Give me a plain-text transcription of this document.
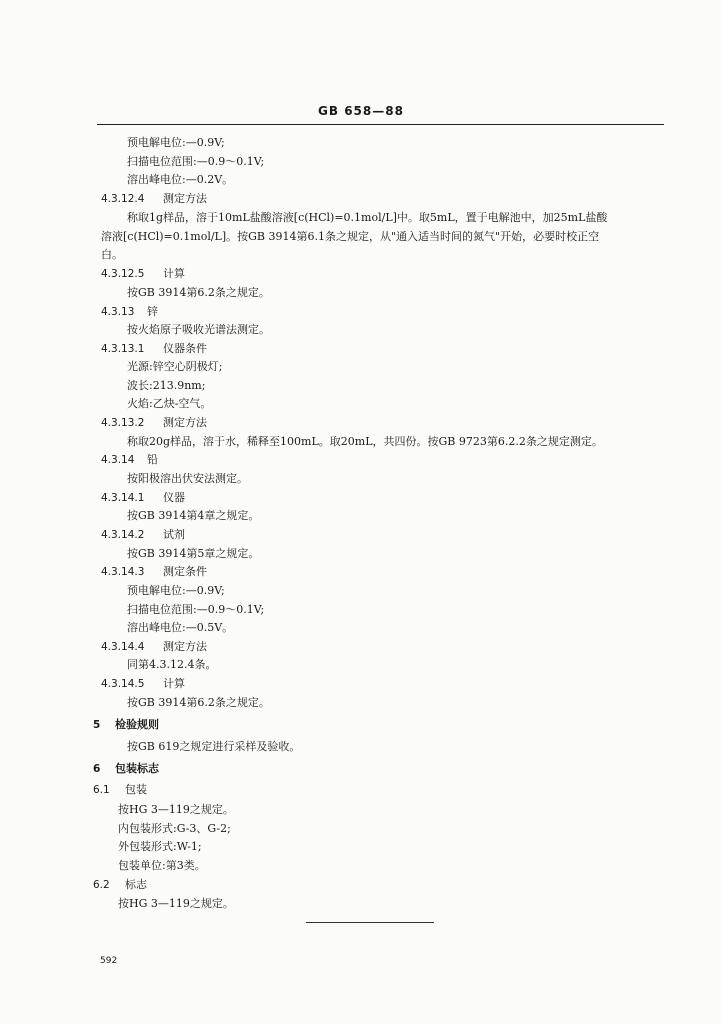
GB 658—88
预电解电位:—0.9V;
扫描电位范围:—0.9～0.1V;
溶出峰电位:—0.2V。
4.3.12.4 测定方法
称取1g样品，溶于10mL盐酸溶液[c(HCl)=0.1mol/L]中。取5mL，置于电解池中，加25mL盐酸
溶液[c(HCl)=0.1mol/L]。按GB 3914第6.1条之规定，从"通入适当时间的氮气"开始，必要时校正空
白。
4.3.12.5 计算
按GB 3914第6.2条之规定。
4.3.13 锌
按火焰原子吸收光谱法测定。
4.3.13.1 仪器条件
光源:锌空心阴极灯;
波长:213.9nm;
火焰:乙炔-空气。
4.3.13.2 测定方法
称取20g样品，溶于水，稀释至100mL。取20mL，共四份。按GB 9723第6.2.2条之规定测定。
4.3.14 铅
按阳极溶出伏安法测定。
4.3.14.1 仪器
按GB 3914第4章之规定。
4.3.14.2 试剂
按GB 3914第5章之规定。
4.3.14.3 测定条件
预电解电位:—0.9V;
扫描电位范围:—0.9～0.1V;
溶出峰电位:—0.5V。
4.3.14.4 测定方法
同第4.3.12.4条。
4.3.14.5 计算
按GB 3914第6.2条之规定。
5 检验规则
按GB 619之规定进行采样及验收。
6 包装标志
6.1 包装
按HG 3—119之规定。
内包装形式:G-3、G-2;
外包装形式:W-1;
包装单位:第3类。
6.2 标志
按HG 3—119之规定。
592
